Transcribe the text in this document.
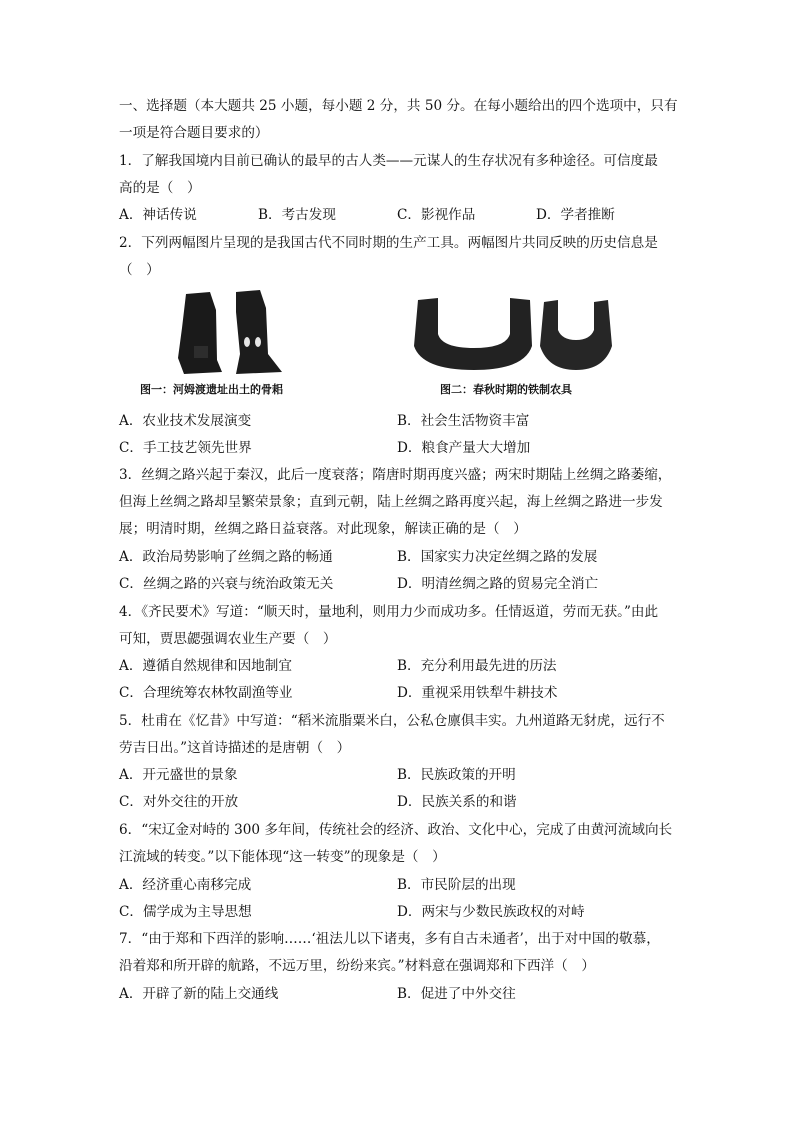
一、选择题（本大题共 25 小题，每小题 2 分，共 50 分。在每小题给出的四个选项中，只有
一项是符合题目要求的）
1．了解我国境内目前已确认的最早的古人类——元谋人的生存状况有多种途径。可信度最
高的是（　）
A．神话传说	B．考古发现	C．影视作品	D．学者推断
2．下列两幅图片呈现的是我国古代不同时期的生产工具。两幅图片共同反映的历史信息是
（　）
图一：河姆渡遗址出土的骨耜	图二：春秋时期的铁制农具
A．农业技术发展演变	B．社会生活物资丰富
C．手工技艺领先世界	D．粮食产量大大增加
3．丝绸之路兴起于秦汉，此后一度衰落；隋唐时期再度兴盛；两宋时期陆上丝绸之路萎缩，
但海上丝绸之路却呈繁荣景象；直到元朝，陆上丝绸之路再度兴起，海上丝绸之路进一步发
展；明清时期，丝绸之路日益衰落。对此现象，解读正确的是（　）
A．政治局势影响了丝绸之路的畅通	B．国家实力决定丝绸之路的发展
C．丝绸之路的兴衰与统治政策无关	D．明清丝绸之路的贸易完全消亡
4．《齐民要术》写道：“顺天时，量地利，则用力少而成功多。任情返道，劳而无获。”由此
可知，贾思勰强调农业生产要（　）
A．遵循自然规律和因地制宜	B．充分利用最先进的历法
C．合理统筹农林牧副渔等业	D．重视采用铁犁牛耕技术
5．杜甫在《忆昔》中写道：“稻米流脂粟米白，公私仓廪俱丰实。九州道路无豺虎，远行不
劳吉日出。”这首诗描述的是唐朝（　）
A．开元盛世的景象	B．民族政策的开明
C．对外交往的开放	D．民族关系的和谐
6．“宋辽金对峙的 300 多年间，传统社会的经济、政治、文化中心，完成了由黄河流域向长
江流域的转变。”以下能体现“这一转变”的现象是（　）
A．经济重心南移完成	B．市民阶层的出现
C．儒学成为主导思想	D．两宋与少数民族政权的对峙
7．“由于郑和下西洋的影响……‘祖法儿以下诸夷，多有自古未通者’，出于对中国的敬慕，
沿着郑和所开辟的航路，不远万里，纷纷来宾。”材料意在强调郑和下西洋（　）
A．开辟了新的陆上交通线	B．促进了中外交往
